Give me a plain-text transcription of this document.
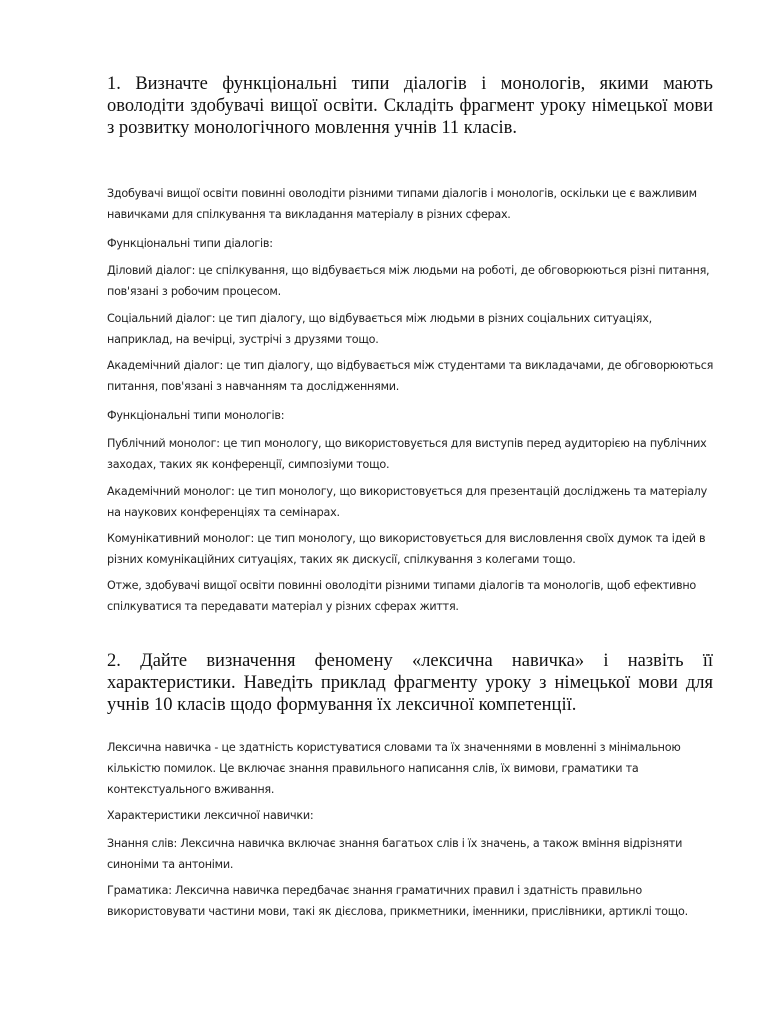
1. Визначте функціональні типи діалогів і монологів, якими мають оволодіти здобувачі вищої освіти. Складіть фрагмент уроку німецької мови з розвитку монологічного мовлення учнів 11 класів.

Здобувачі вищої освіти повинні оволодіти різними типами діалогів і монологів, оскільки це є важливим навичками для спілкування та викладання матеріалу в різних сферах.

Функціональні типи діалогів:

Діловий діалог: це спілкування, що відбувається між людьми на роботі, де обговорюються різні питання, пов'язані з робочим процесом.

Соціальний діалог: це тип діалогу, що відбувається між людьми в різних соціальних ситуаціях, наприклад, на вечірці, зустрічі з друзями тощо.

Академічний діалог: це тип діалогу, що відбувається між студентами та викладачами, де обговорюються питання, пов'язані з навчанням та дослідженнями.

Функціональні типи монологів:

Публічний монолог: це тип монологу, що використовується для виступів перед аудиторією на публічних заходах, таких як конференції, симпозіуми тощо.

Академічний монолог: це тип монологу, що використовується для презентацій досліджень та матеріалу на наукових конференціях та семінарах.

Комунікативний монолог: це тип монологу, що використовується для висловлення своїх думок та ідей в різних комунікаційних ситуаціях, таких як дискусії, спілкування з колегами тощо.

Отже, здобувачі вищої освіти повинні оволодіти різними типами діалогів та монологів, щоб ефективно спілкуватися та передавати матеріал у різних сферах життя.

2. Дайте визначення феномену «лексична навичка» і назвіть її характеристики. Наведіть приклад фрагменту уроку з німецької мови для учнів 10 класів щодо формування їх лексичної компетенції.

Лексична навичка - це здатність користуватися словами та їх значеннями в мовленні з мінімальною кількістю помилок. Це включає знання правильного написання слів, їх вимови, граматики та контекстуального вживання.

Характеристики лексичної навички:

Знання слів: Лексична навичка включає знання багатьох слів і їх значень, а також вміння відрізняти синоніми та антоніми.

Граматика: Лексична навичка передбачає знання граматичних правил і здатність правильно використовувати частини мови, такі як дієслова, прикметники, іменники, прислівники, артиклі тощо.
